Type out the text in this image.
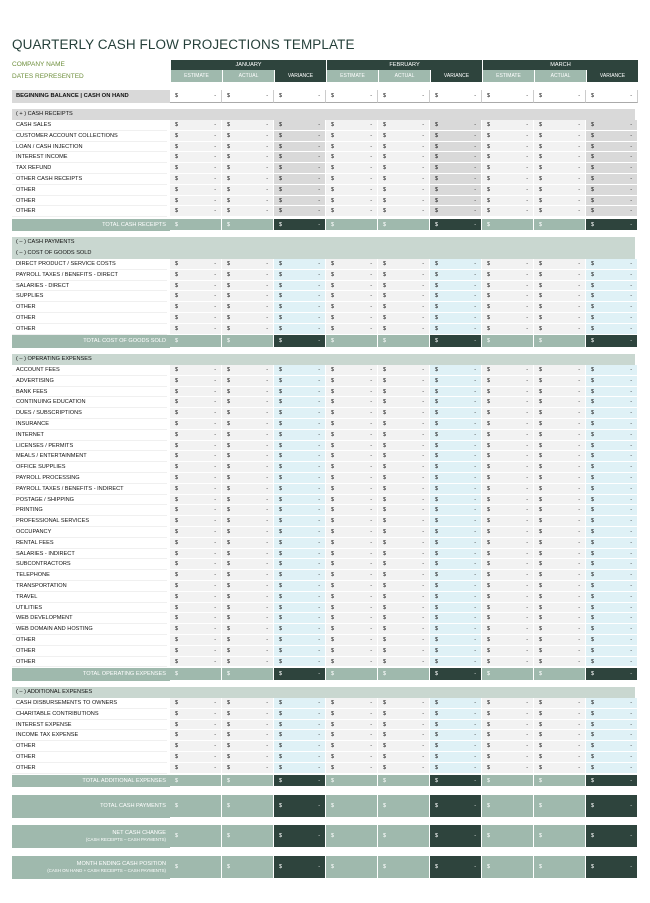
QUARTERLY CASH FLOW PROJECTIONS TEMPLATE
COMPANY NAME
DATES REPRESENTED
JANUARY
ESTIMATE	ACTUAL	VARIANCE
FEBRUARY
ESTIMATE	ACTUAL	VARIANCE
MARCH
ESTIMATE	ACTUAL	VARIANCE
BEGINNING BALANCE | CASH ON HAND	$	- $	- $	- $	- $	- $	- $	- $	- $	-
( + ) CASH RECEIPTS
CASH SALES	$	- $	- $	- $	- $	- $	- $	- $	- $	-
CUSTOMER ACCOUNT COLLECTIONS	$	- $	- $	- $	- $	- $	- $	- $	- $	-
LOAN / CASH INJECTION	$	- $	- $	- $	- $	- $	- $	- $	- $	-
INTEREST INCOME	$	- $	- $	- $	- $	- $	- $	- $	- $	-
TAX REFUND	$	- $	- $	- $	- $	- $	- $	- $	- $	-
OTHER CASH RECEIPTS	$	- $	- $	- $	- $	- $	- $	- $	- $	-
OTHER	$	- $	- $	- $	- $	- $	- $	- $	- $	-
OTHER	$	- $	- $	- $	- $	- $	- $	- $	- $	-
OTHER	$	- $	- $	- $	- $	- $	- $	- $	- $	-
TOTAL CASH RECEIPTS	$	$	$	- $	$	$	- $	$	$	-
( – ) CASH PAYMENTS
( – ) COST OF GOODS SOLD
DIRECT PRODUCT / SERVICE COSTS	$	- $	- $	- $	- $	- $	- $	- $	- $	-
PAYROLL TAXES / BENEFITS - DIRECT	$	- $	- $	- $	- $	- $	- $	- $	- $	-
SALARIES - DIRECT	$	- $	- $	- $	- $	- $	- $	- $	- $	-
SUPPLIES	$	- $	- $	- $	- $	- $	- $	- $	- $	-
OTHER	$	- $	- $	- $	- $	- $	- $	- $	- $	-
OTHER	$	- $	- $	- $	- $	- $	- $	- $	- $	-
OTHER	$	- $	- $	- $	- $	- $	- $	- $	- $	-
TOTAL COST OF GOODS SOLD	$	$	$	- $	$	$	- $	$	$	-
( – ) OPERATING EXPENSES
ACCOUNT FEES	$	- $	- $	- $	- $	- $	- $	- $	- $	-
ADVERTISING	$	- $	- $	- $	- $	- $	- $	- $	- $	-
BANK FEES	$	- $	- $	- $	- $	- $	- $	- $	- $	-
CONTINUING EDUCATION	$	- $	- $	- $	- $	- $	- $	- $	- $	-
DUES / SUBSCRIPTIONS	$	- $	- $	- $	- $	- $	- $	- $	- $	-
INSURANCE	$	- $	- $	- $	- $	- $	- $	- $	- $	-
INTERNET	$	- $	- $	- $	- $	- $	- $	- $	- $	-
LICENSES / PERMITS	$	- $	- $	- $	- $	- $	- $	- $	- $	-
MEALS / ENTERTAINMENT	$	- $	- $	- $	- $	- $	- $	- $	- $	-
OFFICE SUPPLIES	$	- $	- $	- $	- $	- $	- $	- $	- $	-
PAYROLL PROCESSING	$	- $	- $	- $	- $	- $	- $	- $	- $	-
PAYROLL TAXES / BENEFITS - INDIRECT	$	- $	- $	- $	- $	- $	- $	- $	- $	-
POSTAGE / SHIPPING	$	- $	- $	- $	- $	- $	- $	- $	- $	-
PRINTING	$	- $	- $	- $	- $	- $	- $	- $	- $	-
PROFESSIONAL SERVICES	$	- $	- $	- $	- $	- $	- $	- $	- $	-
OCCUPANCY	$	- $	- $	- $	- $	- $	- $	- $	- $	-
RENTAL FEES	$	- $	- $	- $	- $	- $	- $	- $	- $	-
SALARIES - INDIRECT	$	- $	- $	- $	- $	- $	- $	- $	- $	-
SUBCONTRACTORS	$	- $	- $	- $	- $	- $	- $	- $	- $	-
TELEPHONE	$	- $	- $	- $	- $	- $	- $	- $	- $	-
TRANSPORTATION	$	- $	- $	- $	- $	- $	- $	- $	- $	-
TRAVEL	$	- $	- $	- $	- $	- $	- $	- $	- $	-
UTILITIES	$	- $	- $	- $	- $	- $	- $	- $	- $	-
WEB DEVELOPMENT	$	- $	- $	- $	- $	- $	- $	- $	- $	-
WEB DOMAIN AND HOSTING	$	- $	- $	- $	- $	- $	- $	- $	- $	-
OTHER	$	- $	- $	- $	- $	- $	- $	- $	- $	-
OTHER	$	- $	- $	- $	- $	- $	- $	- $	- $	-
OTHER	$	- $	- $	- $	- $	- $	- $	- $	- $	-
TOTAL OPERATING EXPENSES	$	$	$	- $	$	$	- $	$	$	-
( – ) ADDITIONAL EXPENSES
CASH DISBURSEMENTS TO OWNERS	$	- $	- $	- $	- $	- $	- $	- $	- $	-
CHARITABLE CONTRIBUTIONS	$	- $	- $	- $	- $	- $	- $	- $	- $	-
INTEREST EXPENSE	$	- $	- $	- $	- $	- $	- $	- $	- $	-
INCOME TAX EXPENSE	$	- $	- $	- $	- $	- $	- $	- $	- $	-
OTHER	$	- $	- $	- $	- $	- $	- $	- $	- $	-
OTHER	$	- $	- $	- $	- $	- $	- $	- $	- $	-
OTHER	$	- $	- $	- $	- $	- $	- $	- $	- $	-
TOTAL ADDITIONAL EXPENSES	$	$	$	- $	$	$	- $	$	$	-
TOTAL CASH PAYMENTS $	$	$	- $	$	$	- $	$	$	-
NET CASH CHANGE
(CASH RECEIPTS – CASH PAYMENTS)
$	$	$	- $	$	$	- $	$	$	-
MONTH ENDING CASH POSITION
(CASH ON HAND + CASH RECEIPTS – CASH PAYMENTS)
$	$	$	- $	$	$	- $	$	$	-
